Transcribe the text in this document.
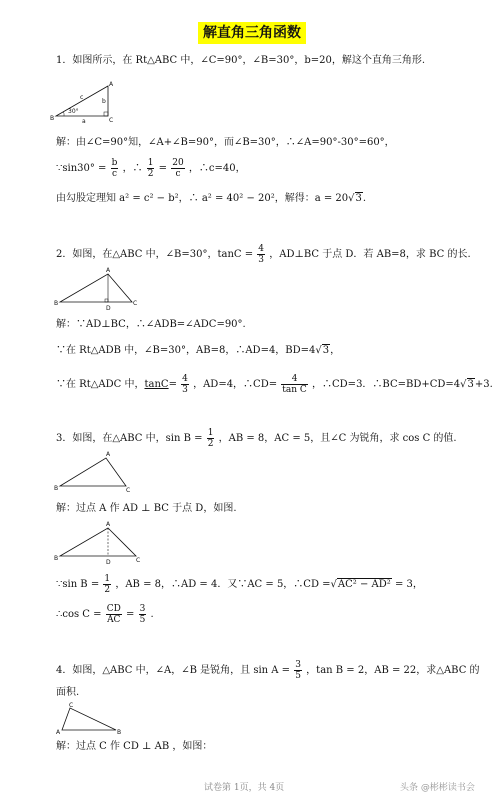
解直角三角函数
1．如图所示，在 Rt△ABC 中，∠C=90°，∠B=30°，b=20，解这个直角三角形.
B	C
A
a
b
c
30°
解：由∠C=90°知，∠A+∠B=90°，而∠B=30°，∴∠A=90°-30°=60°，
∵sin30° = $\frac{b}{c}$ ，∴ $\frac{1}{2} = \frac{20}{c}$ ，∴c=40，
由勾股定理知 a² = c² − b²，∴ a² = 40² − 20²，解得：a = 20√3.
2．如图，在△ABC 中，∠B=30°，$\tan C = \frac{4}{3}$ ，AD⊥BC 于点 D．若 AB=8，求 BC 的长.
B	C
A
D
解：∵AD⊥BC，∴∠ADB=∠ADC=90°.
∵在 Rt△ADB 中，∠B=30°，AB=8，∴AD=4，BD=4√3，
∵在 Rt△ADC 中，$\tan C= \frac{4}{3}$ ，AD=4，∴CD= $\frac{4}{\text{tan C}}$ ，∴CD=3．∴BC=BD+CD=4√3+3.
3．如图，在△ABC 中，$\sin B = \frac{1}{2}$ ，AB = 8，AC = 5，且∠C 为锐角，求 cos C 的值.
B	C
A
解：过点 A 作 AD ⊥ BC 于点 D，如图.
B	C
A
D
∵sin $B = \frac{1}{2}$ ，AB = 8，∴AD = 4．又∵AC = 5，∴CD =√AC² − AD² = 3，
∴cos $C = \frac{CD}{AC} = \frac{3}{5}$ .
4．如图，△ABC 中，∠A，∠B 是锐角，且 $\sin A = \frac{3}{5}$ ，tan B = 2，AB = 22，求△ABC 的
面积.
A	B
C
解：过点 C 作 CD ⊥ AB ，如图：
试卷第 1页，共 4页	头条 @彬彬读书会
